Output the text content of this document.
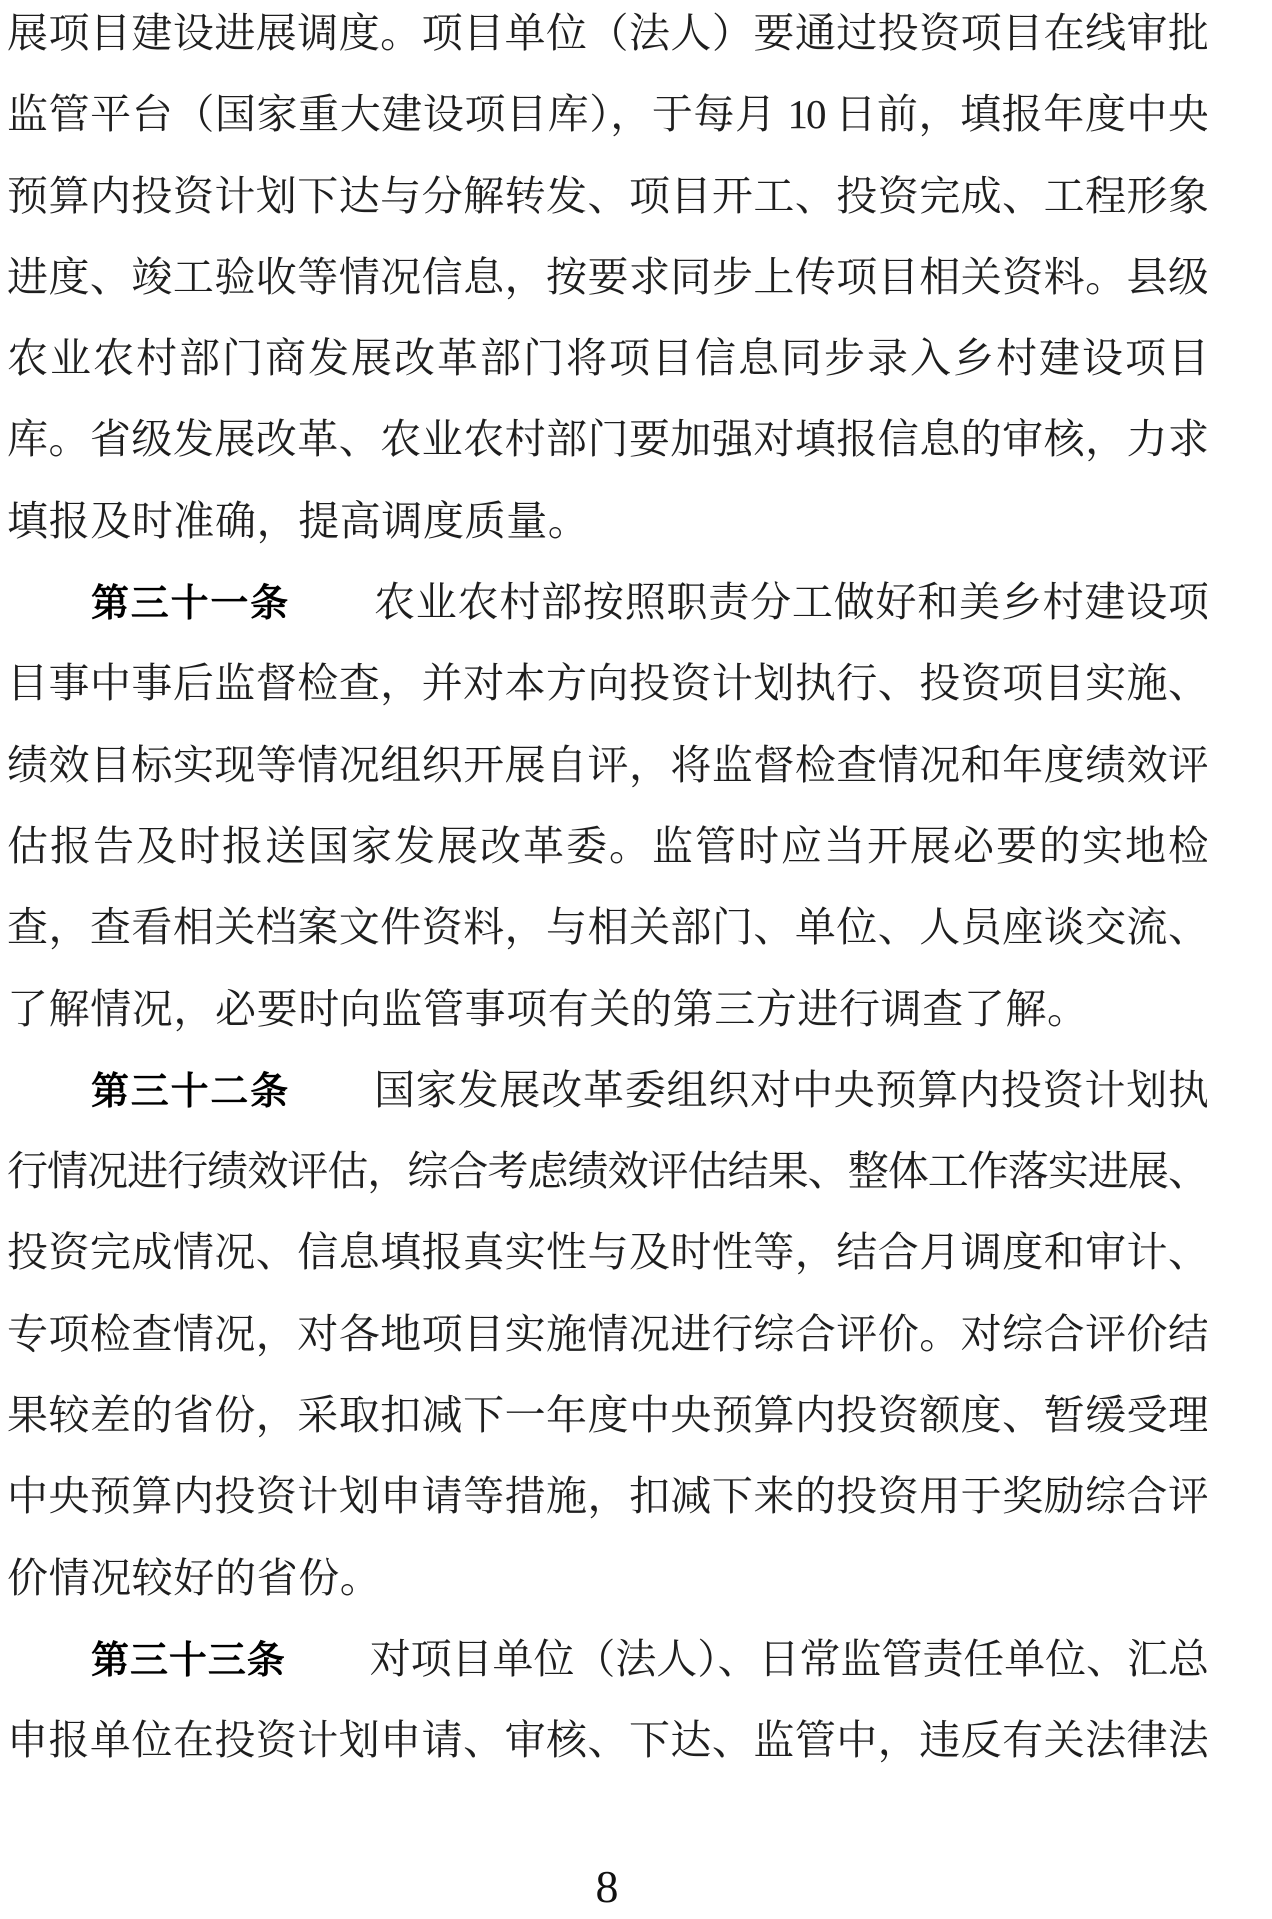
展项目建设进展调度。项目单位（法人）要通过投资项目在线审批
监管平台（国家重大建设项目库），于每月 10 日前，填报年度中央
预算内投资计划下达与分解转发、项目开工、投资完成、工程形象
进度、竣工验收等情况信息，按要求同步上传项目相关资料。县级
农业农村部门商发展改革部门将项目信息同步录入乡村建设项目
库。省级发展改革、农业农村部门要加强对填报信息的审核，力求
填报及时准确，提高调度质量。
第三十一条 农业农村部按照职责分工做好和美乡村建设项
目事中事后监督检查，并对本方向投资计划执行、投资项目实施、
绩效目标实现等情况组织开展自评，将监督检查情况和年度绩效评
估报告及时报送国家发展改革委。监管时应当开展必要的实地检
查，查看相关档案文件资料，与相关部门、单位、人员座谈交流、
了解情况，必要时向监管事项有关的第三方进行调查了解。
第三十二条 国家发展改革委组织对中央预算内投资计划执
行情况进行绩效评估，综合考虑绩效评估结果、整体工作落实进展、
投资完成情况、信息填报真实性与及时性等，结合月调度和审计、
专项检查情况，对各地项目实施情况进行综合评价。对综合评价结
果较差的省份，采取扣减下一年度中央预算内投资额度、暂缓受理
中央预算内投资计划申请等措施，扣减下来的投资用于奖励综合评
价情况较好的省份。
第三十三条 对项目单位（法人）、日常监管责任单位、汇总
申报单位在投资计划申请、审核、下达、监管中，违反有关法律法
8
